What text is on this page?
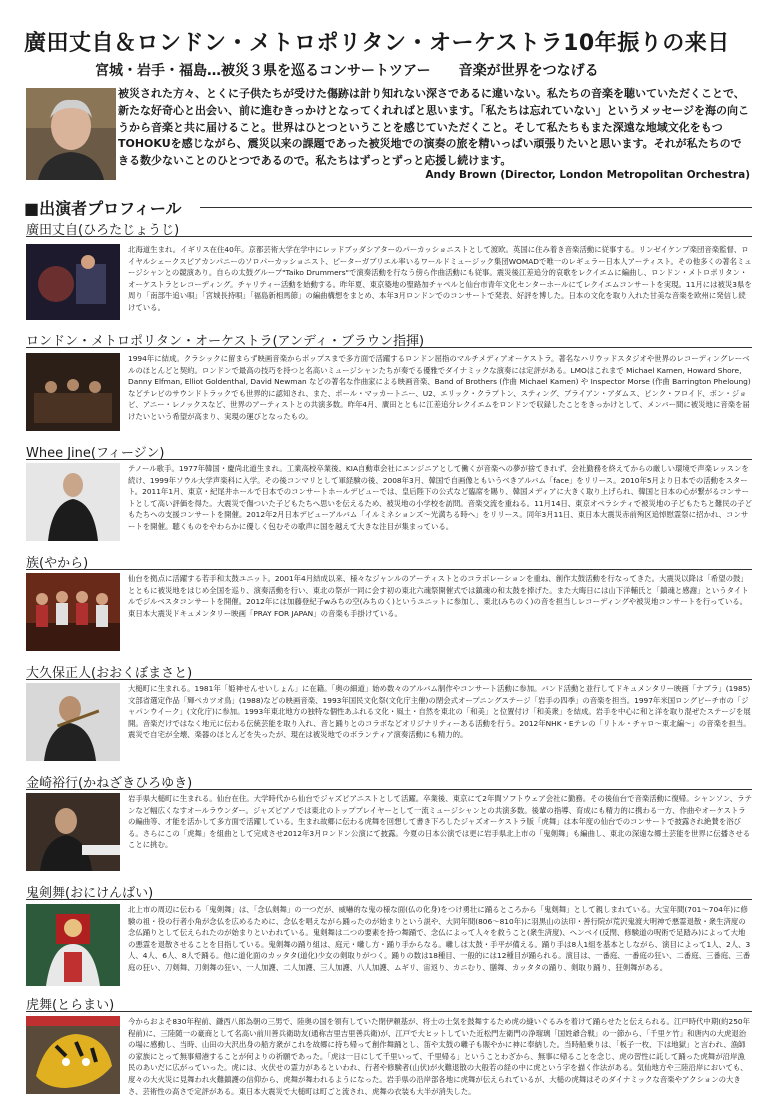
廣田丈自＆ロンドン・メトロポリタン・オーケストラ10年振りの来日
宮城・岩手・福島…被災３県を巡るコンサートツアー 音楽が世界をつなげる
被災された方々、とくに子供たちが受けた傷跡は計り知れない深さであるに違いない。私たちの音楽を聴いていただくことで、新たな好奇心と出会い、前に進むきっかけとなってくれればと思います。「私たちは忘れていない」というメッセージを海の向こうから音楽と共に届けること。世界はひとつということを感じていただくこと。そして私たちもまた深遠な地域文化をもつTOHOKUを感じながら、震災以来の課題であった被災地での演奏の旅を精いっぱい頑張りたいと思います。それが私たちのできる数少ないことのひとつであるので。私たちはずっとずっと応援し続けます。
Andy Brown (Director, London Metropolitan Orchestra)
■出演者プロフィール
廣田丈自(ひろたじょうじ)
北海道生まれ。イギリス在住40年。京都芸術大学在学中にレッドブッダシアターのパーカッショニストとして渡欧。英国に住み着き音楽活動に従事する。リンゼイケンプ楽団音楽監督、ロイヤルシェークスピアカンパニーのソロパーカッショニスト、ピーターガブリエル率いるワールドミュージック集団WOMADで唯一のレギュラー日本人アーティスト。その他多くの著名ミュージシャンとの競演あり。自らの太鼓グループ"Taiko Drummers"で演奏活動を行なう傍ら作曲活動にも従事。震災後江差追分的哀歌をレクイエムに編曲し、ロンドン・メトロポリタン・オーケストラとレコーディング。チャリティー活動を始動する。昨年夏、東京築地の聖路加チャペルと仙台市青年文化センターホールにてレクイエムコンサートを実現。11月には被災3県を周り「南部牛追い唄」「宮城長持唄」「福島新相馬節」の編曲構想をまとめ、本年3月ロンドンでのコンサートで発表、好評を博した。日本の文化を取り入れた甘美な音楽を欧州に発信し続けている。
ロンドン・メトロポリタン・オーケストラ(アンディ・ブラウン指揮)
1994年に結成。クラシックに留まらず映画音楽からポップスまで多方面で活躍するロンドン屈指のマルチメディアオーケストラ。著名なハリウッドスタジオや世界のレコーディングレーベルのほとんどと契約。ロンドンで最高の技巧を持つと名高いミュージシャンたちが奏でる優雅でダイナミックな演奏には定評がある。LMOはこれまで Michael Kamen, Howard Shore, Danny Elfman, Elliot Goldenthal, David Newman などの著名な作曲家による映画音楽、Band of Brothers (作曲 Michael Kamen) や Inspector Morse (作曲 Barrington Pheloung) などテレビのサウンドトラックでも世界的に認知され、また、ポール・マッカートニー、U2、エリック・クラプトン、スティング、ブライアン・アダムス、ピンク・フロイド、ボン・ジョビ、アニー・レノックスなど、世界のアーティストとの共演多数。昨年4月、廣田とともに江差追分レクイエムをロンドンで収録したことをきっかけとして、メンバー間に被災地に音楽を届けたいという希望が高まり、実現の運びとなったもの。
Whee Jine(フィージン)
テノール歌手。1977年韓国・慶尚北道生まれ。工業高校卒業後、KIA自動車会社にエンジニアとして働くが音楽への夢が捨てきれず、会社勤務を終えてからの厳しい環境で声楽レッスンを続け、1999年ソウル大学声楽科に入学。その後コンマリとして軍経験の後、2008年3月、韓国で自画像ともいうべきアルバム「face」をリリース。2010年5月より日本での活動をスタート。2011年1月、東京・紀尾井ホールで日本でのコンサートホールデビューでは、皇后陛下の公式など臨席を賜り、韓国メディアに大きく取り上げられ、韓国と日本の心が繋がるコンサートとして高い評価を得た。大震災で傷ついた子どもたちへ思いを伝えるため、被災地の小学校を訪問。音楽交流を重ねる。11月14日、東京オペラシティで被災地の子どもたちと難民の子どもたちへの支援コンサートを開催。2012年2月日本デビューアルバム「イルミネションズ〜光満ちる時へ」をリリース。同年3月11日、東日本大震災赤前殉区追悼慰霊祭に招かれ、コンサートを開催。聴くものをやわらかに優しく包むその歌声に国を越えて大きな注目が集まっている。
族(やから)
仙台を拠点に活躍する若手和太鼓ユニット。2001年4月結成以来、様々なジャンルのアーティストとのコラボレーションを重ね、創作太鼓活動を行なってきた。大震災以降は「希望の鼓」とともに被災地をはじめ全国を巡り、演奏活動を行い、東北の祭が一同に会す初の東北六魂祭開催式では鎮魂の和太鼓を捧げた。また大晦日には山下洋輔氏と「鎮魂と感謝」というタイトルでジルベスタコンサートを開催。2012年には加藤登紀子wみちの空(みちのく)というユニットに参加し、東北(みちのく)の音を担当しレコーディングや被災地コンサートを行っている。東日本大震災ドキュメンタリー映画「PRAY FOR JAPAN」の音楽も手掛けている。
大久保正人(おおくぼまさと)
大槌町に生まれる。1981年「姫神せんせいしょん」に在籍。「奥の細道」始め数々のアルバム制作やコンサート活動に参加。バンド活動と並行してドキュメンタリー映画「ナブラ」(1985)文部省選定作品「輝ぺカツオ鳥」(1988)などの映画音楽、1993年国民文化祭(文化庁主催)の閉会式オープニングステージ「岩手の四季」の音楽を担当。1997年米国ロングビーチ市の「ジャパンウイーク」(文化庁)に参加。1993年東北地方の独特な個性あふれる文化・風土・自然を東北の「和美」と位置付け「和美衆」を結成。岩手を中心に和と洋を取り混ぜたステージを展開。音楽だけではなく地元に伝わる伝統芸能を取り入れ、音と踊りとのコラボなどオリジナリティーある活動を行う。2012年NHK・Eテレの「リトル・チャロ〜東北編〜」の音楽を担当。震災で自宅が全壊、楽器のほとんどを失ったが、現在は被災地でのボランティア演奏活動にも精力的。
金崎裕行(かねざきひろゆき)
岩手県大槌町に生まれる。仙台在住。大学時代から仙台でジャズピアニストとして活躍。卒業後、東京にて2年間ソフトウェア会社に勤務。その後仙台で音楽活動に復帰。シャンソン、ラテンなど幅広くなすオールラウンダー。ジャズピアノでは東北のトッププレイヤーとして一流ミュージシャンとの共演多数。後輩の指導、育成にも精力的に携わる一方、作曲やオーケストラの編曲等、才能を活かして多方面で活躍している。生まれ故郷に伝わる虎舞を回想して書き下ろしたジャズオーケストラ版「虎舞」は本年度の仙台でのコンサートで披露され絶賛を浴びる。さらにこの「虎舞」を組曲として完成させ2012年3月ロンドン公演にて披露。今夏の日本公演では更に岩手県北上市の「鬼剣舞」も編曲し、東北の深遠な郷土芸能を世界に伝播させることに挑む。
鬼剣舞(おにけんばい)
北上市の周辺に伝わる「鬼剣舞」は、「念仏剣舞」の一つだが、威嚇的な鬼の様な面(仏の化身)をつけ勇壮に踊るところから「鬼剣舞」として親しまれている。大宝年間(701〜704年)に修験の祖・役の行者小角が念仏を広めるために、念仏を唱えながら踊ったのが始まりという説や、大同年間(806〜810年)に羽黒山の法印・善行院が荒沢鬼渡大明神で悪霊退散・衆生済度の念仏踊りとして伝えられたのが始まりといわれている。鬼剣舞は二つの要素を持つ舞踊で、念仏によって人々を救うこと(衆生済度)、へンベイ(反閇、修験道の呪術で足踏み)によって大地の悪霊を退散させることを目指している。鬼剣舞の踊り組は、庭元・囃し方・踊り手からなる。囃しは太鼓・手平が備える。踊り手は8人1組を基本としながら、演目によって1人、2人、3人、4人、6人、8人で踊る。他に道化面のカッタタ(道化)少女の剣取りがつく。踊りの数は18種目、一般的には12種目が踊られる。演目は、一番庭、一番庭の狂い、二番庭、三番庭、三番庭の狂い、刀剣舞、刀剣舞の狂い、一人加護、二人加護、三人加護、八人加護、ムギリ、宙返り、カニむり、膳舞、カッタタの踊り、剣取り踊り、狂剣舞がある。
虎舞(とらまい)
今からおよそ830年程前、鎌西八郎為朝の三男で、陸奥の国を領有していた閉伊頼基が、将士の士気を鼓舞するため虎の縫いぐるみを着けて踊らせたと伝えられる。江戸時代中期(約250年程前)に、三陸随一の豪商として名高い前川善兵衛助友(通称吉里吉里善兵衛)が、江戸で大ヒットしていた近松門左衛門の浄瑠璃「国姓爺合戦」の一節から、「千里ケ竹」和唐内の大虎退治の場に感動し、当時、山田の大沢出身の船方衆がこれを故郷に持ち帰って創作舞踊とし、笛や太鼓の囃子も賑やかに神に奉納した。当時船乗りは、「板子一枚、下は地獄」と言われ、漁師の家族にとって無事帰港することが何よりの祈願であった。「虎は一日にして千里いって、千里帰る」ということわざから、無事に帰ることを念じ、虎の習性に託して踊った虎舞が沿岸漁民のあいだに広がっていった。虎には、火伏せの霊力があるといわれ、行者や修験者(山伏)が火難退散の大般若の経の中に虎という字を描く作法がある。気仙地方や三陸沿岸においても、度々の大火災に見舞われ火難鎮護の信仰から、虎舞が舞われるようになった。岩手県の沿岸部各地に虎舞が伝えられているが、大槌の虎舞はそのダイナミックな音楽やアクションの大きさ、芸術性の高さで定評がある。東日本大震災で大槌町は町ごと流され、虎舞の衣装も大半が消失した。
